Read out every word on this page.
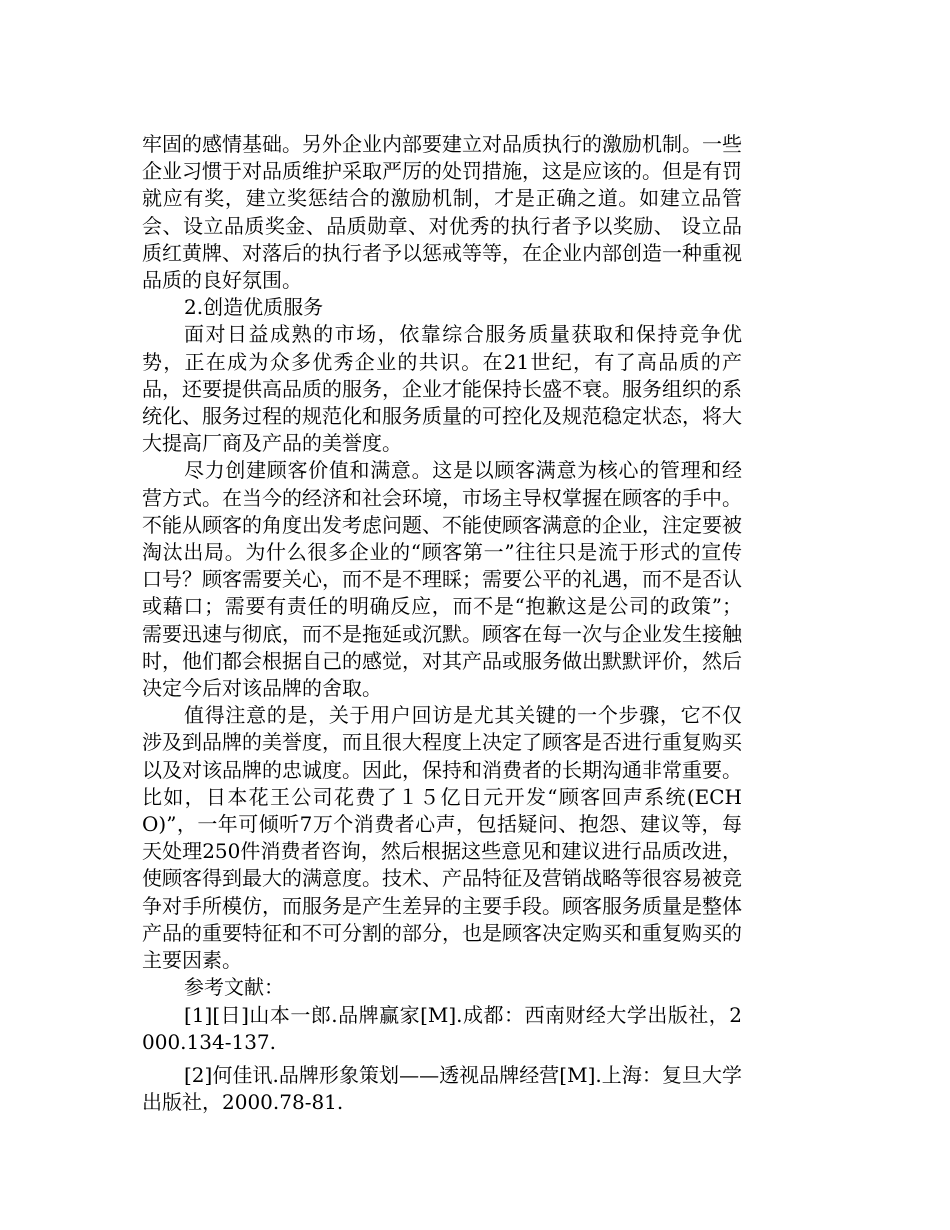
牢固的感情基础。另外企业内部要建立对品质执行的激励机制。一些企业习惯于对品质维护采取严厉的处罚措施，这是应该的。但是有罚就应有奖，建立奖惩结合的激励机制，才是正确之道。如建立品管会、设立品质奖金、品质勋章、对优秀的执行者予以奖励、 设立品质红黄牌、对落后的执行者予以惩戒等等，在企业内部创造一种重视品质的良好氛围。

2.创造优质服务

面对日益成熟的市场，依靠综合服务质量获取和保持竞争优势，正在成为众多优秀企业的共识。在21世纪，有了高品质的产品，还要提供高品质的服务，企业才能保持长盛不衰。服务组织的系统化、服务过程的规范化和服务质量的可控化及规范稳定状态，将大大提高厂商及产品的美誉度。

尽力创建顾客价值和满意。这是以顾客满意为核心的管理和经营方式。在当今的经济和社会环境，市场主导权掌握在顾客的手中。不能从顾客的角度出发考虑问题、不能使顾客满意的企业，注定要被淘汰出局。为什么很多企业的“顾客第一”往往只是流于形式的宣传口号？顾客需要关心，而不是不理睬；需要公平的礼遇，而不是否认或藉口；需要有责任的明确反应，而不是“抱歉这是公司的政策”；需要迅速与彻底，而不是拖延或沉默。顾客在每一次与企业发生接触时，他们都会根据自己的感觉，对其产品或服务做出默默评价，然后决定今后对该品牌的舍取。

值得注意的是，关于用户回访是尤其关键的一个步骤，它不仅涉及到品牌的美誉度，而且很大程度上决定了顾客是否进行重复购买以及对该品牌的忠诚度。因此，保持和消费者的长期沟通非常重要。比如，日本花王公司花费了１５亿日元开发“顾客回声系统(ECHO)”，一年可倾听7万个消费者心声，包括疑问、抱怨、建议等，每天处理250件消费者咨询，然后根据这些意见和建议进行品质改进，使顾客得到最大的满意度。技术、产品特征及营销战略等很容易被竞争对手所模仿，而服务是产生差异的主要手段。顾客服务质量是整体产品的重要特征和不可分割的部分，也是顾客决定购买和重复购买的主要因素。

参考文献：

[1][日]山本一郎.品牌赢家[M].成都：西南财经大学出版社，2000.134-137.

[2]何佳讯.品牌形象策划——透视品牌经营[M].上海：复旦大学出版社，2000.78-81.
